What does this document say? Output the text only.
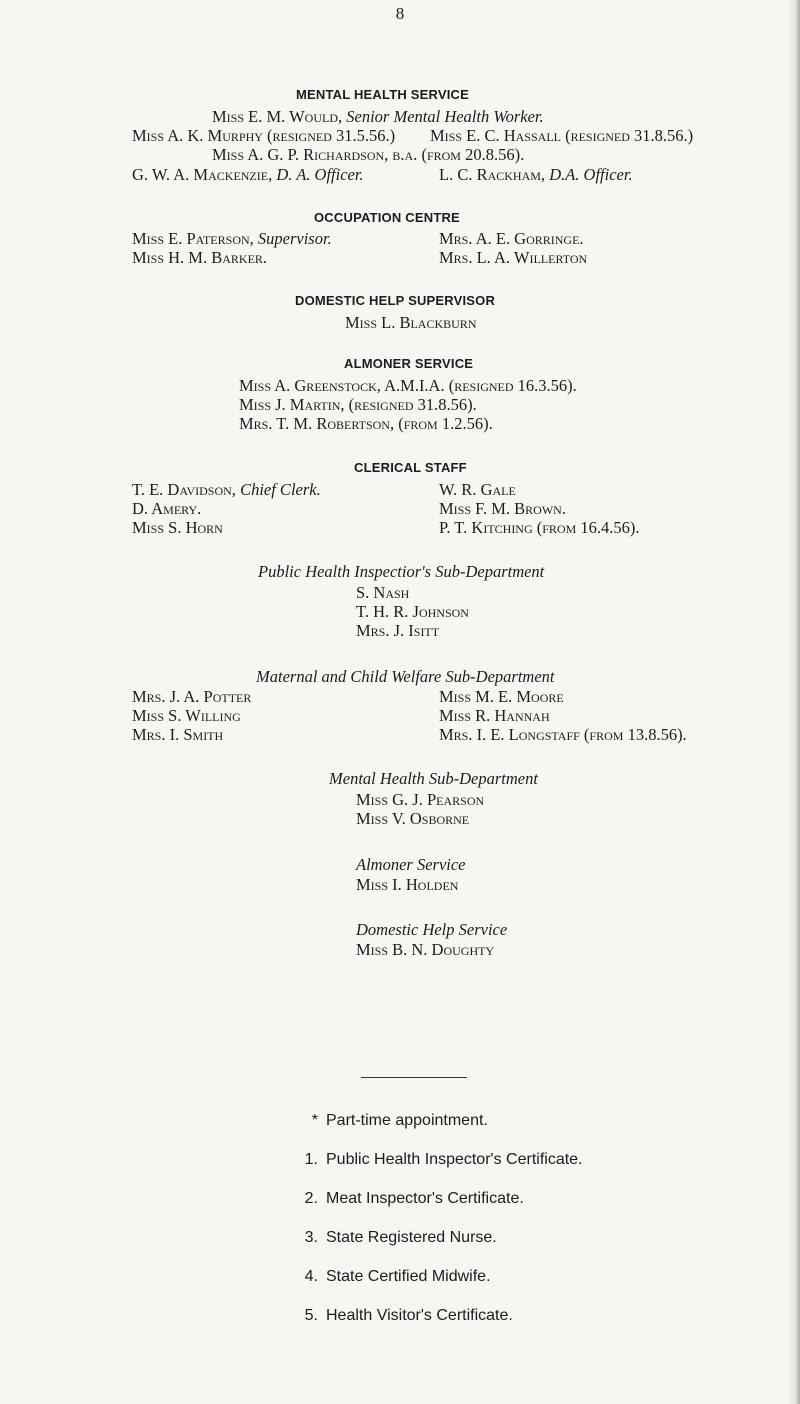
8
MENTAL HEALTH SERVICE
Miss E. M. Would, Senior Mental Health Worker.
Miss A. K. Murphy (resigned 31.5.56.) Miss E. C. Hassall (resigned 31.8.56.)
Miss A. G. P. Richardson, b.a. (from 20.8.56).
G. W. A. Mackenzie, D. A. Officer.	L. C. Rackham, D.A. Officer.
OCCUPATION CENTRE
Miss E. Paterson, Supervisor.
Miss H. M. Barker.
Mrs. A. E. Gorringe.
Mrs. L. A. Willerton
DOMESTIC HELP SUPERVISOR
Miss L. Blackburn
ALMONER SERVICE
Miss A. Greenstock, A.M.I.A. (resigned 16.3.56).
Miss J. Martin, (resigned 31.8.56).
Mrs. T. M. Robertson, (from 1.2.56).
CLERICAL STAFF
T. E. Davidson, Chief Clerk.
D. Amery.
Miss S. Horn
W. R. Gale
Miss F. M. Brown.
P. T. Kitching (from 16.4.56).
Public Health Inspectior's Sub-Department
S. Nash
T. H. R. Johnson
Mrs. J. Isitt
Maternal and Child Welfare Sub-Department
Mrs. J. A. Potter
Miss S. Willing
Mrs. I. Smith
Miss M. E. Moore
Miss R. Hannah
Mrs. I. E. Longstaff (from 13.8.56).
Mental Health Sub-Department
Miss G. J. Pearson
Miss V. Osborne
Almoner Service
Miss I. Holden
Domestic Help Service
Miss B. N. Doughty
* Part-time appointment.
1. Public Health Inspector's Certificate.
2. Meat Inspector's Certificate.
3. State Registered Nurse.
4. State Certified Midwife.
5. Health Visitor's Certificate.
